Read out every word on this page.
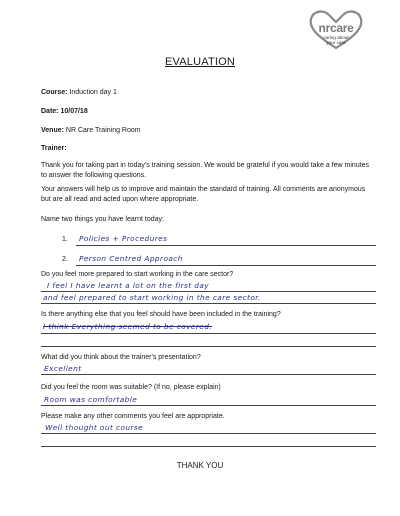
nrcare
caring about
your care
EVALUATION
Course: Induction day 1
Date: 10/07/18
Venue: NR Care Training Room
Trainer:
Thank you for taking part in today's training session. We would be grateful if you would take a few minutes to answer the following questions.
Your answers will help us to improve and maintain the standard of training. All comments are anonymous but are all read and acted upon where appropriate.
Name two things you have learnt today:
1. Policies + Procedures
2. Person Centred Approach
Do you feel more prepared to start working in the care sector?
I feel I have learnt a lot on the first day
and feel prepared to start working in the care sector.
Is there anything else that you feel should have been included in the training?
I think Everything seemed to be covered.
What did you think about the trainer's presentation?
Excellent
Did you feel the room was suitable? (If no, please explain)
Room was comfortable
Please make any other comments you feel are appropriate.
Well thought out course
THANK YOU
